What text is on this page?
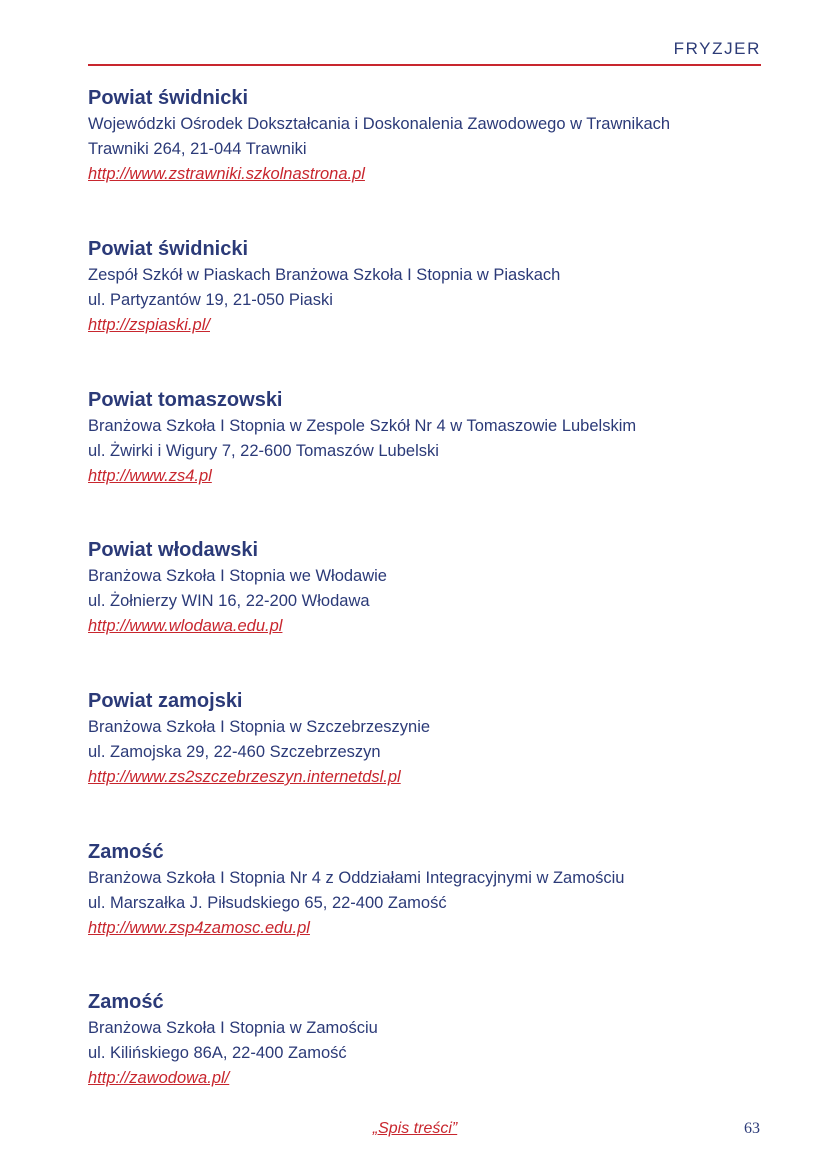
FRYZJER
Powiat świdnicki
Wojewódzki Ośrodek Dokształcania i Doskonalenia Zawodowego w Trawnikach
Trawniki 264, 21-044 Trawniki
http://www.zstrawniki.szkolnastrona.pl
Powiat świdnicki
Zespół Szkół w Piaskach Branżowa Szkoła I Stopnia w Piaskach
ul. Partyzantów 19, 21-050 Piaski
http://zspiaski.pl/
Powiat tomaszowski
Branżowa Szkoła I Stopnia w Zespole Szkół Nr 4 w Tomaszowie Lubelskim
ul. Żwirki i Wigury 7, 22-600 Tomaszów Lubelski
http://www.zs4.pl
Powiat włodawski
Branżowa Szkoła I Stopnia we Włodawie
ul. Żołnierzy WIN 16, 22-200 Włodawa
http://www.wlodawa.edu.pl
Powiat zamojski
Branżowa Szkoła I Stopnia w Szczebrzeszynie
ul. Zamojska 29, 22-460 Szczebrzeszyn
http://www.zs2szczebrzeszyn.internetdsl.pl
Zamość
Branżowa Szkoła I Stopnia Nr 4 z Oddziałami Integracyjnymi w Zamościu
ul. Marszałka J. Piłsudskiego 65, 22-400 Zamość
http://www.zsp4zamosc.edu.pl
Zamość
Branżowa Szkoła I Stopnia w Zamościu
ul. Kilińskiego 86A, 22-400 Zamość
http://zawodowa.pl/
„Spis treści”	63
